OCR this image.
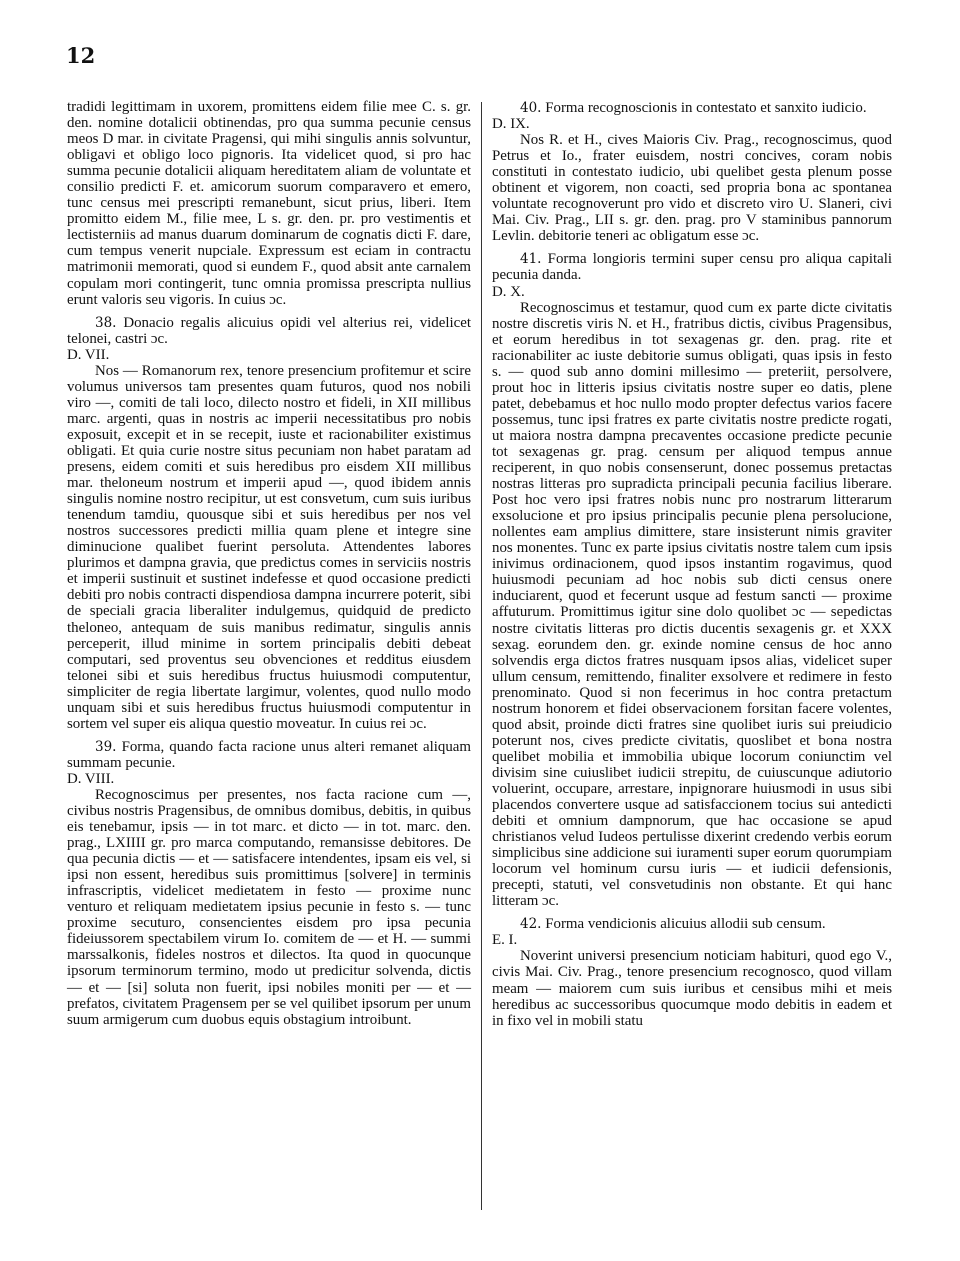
12

tradidi legittimam in uxorem, promittens eidem filie mee C. s. gr. den. nomine dotalicii obtinendas, pro qua summa pecunie census meos D mar. in civitate Pragensi, qui mihi singulis annis solvuntur, obligavi et obligo loco pignoris. Ita videlicet quod, si pro hac summa pecunie dotalicii aliquam hereditatem aliam de voluntate et consilio predicti F. et. amicorum suorum comparavero et emero, tunc census mei prescripti remanebunt, sicut prius, liberi. Item promitto eidem M., filie mee, L s. gr. den. pr. pro vestimentis et lectisterniis ad manus duarum dominarum de cognatis dicti F. dare, cum tempus venerit nupciale. Expressum est eciam in contractu matrimonii memorati, quod si eundem F., quod absit ante carnalem copulam mori contingerit, tunc omnia promissa prescripta nullius erunt valoris seu vigoris. In cuius ɔc.

38. Donacio regalis alicuius opidi vel alterius rei, videlicet telonei, castri ɔc.

D. VII.

Nos — Romanorum rex, tenore presencium profitemur et scire volumus universos tam presentes quam futuros, quod nos nobili viro —, comiti de tali loco, dilecto nostro et fideli, in XII millibus marc. argenti, quas in nostris ac imperii necessitatibus pro nobis exposuit, excepit et in se recepit, iuste et racionabiliter existimus obligati. Et quia curie nostre situs pecuniam non habet paratam ad presens, eidem comiti et suis heredibus pro eisdem XII millibus mar. theloneum nostrum et imperii apud —, quod ibidem annis singulis nomine nostro recipitur, ut est consvetum, cum suis iuribus tenendum tamdiu, quousque sibi et suis heredibus per nos vel nostros successores predicti millia quam plene et integre sine diminucione qualibet fuerint persoluta. Attendentes labores plurimos et dampna gravia, que predictus comes in serviciis nostris et imperii sustinuit et sustinet indefesse et quod occasione predicti debiti pro nobis contracti dispendiosa dampna incurrere poterit, sibi de speciali gracia liberaliter indulgemus, quidquid de predicto theloneo, antequam de suis manibus redimatur, singulis annis perceperit, illud minime in sortem principalis debiti debeat computari, sed proventus seu obvenciones et redditus eiusdem telonei sibi et suis heredibus fructus huiusmodi computentur, simpliciter de regia libertate largimur, volentes, quod nullo modo unquam sibi et suis heredibus fructus huiusmodi computentur in sortem vel super eis aliqua questio moveatur. In cuius rei ɔc.

39. Forma, quando facta racione unus alteri remanet aliquam summam pecunie.

D. VIII.

Recognoscimus per presentes, nos facta racione cum —, civibus nostris Pragensibus, de omnibus domibus, debitis, in quibus eis tenebamur, ipsis — in tot marc. et dicto — in tot. marc. den. prag., LXIIII gr. pro marca computando, remansisse debitores. De qua pecunia dictis — et — satisfacere intendentes, ipsam eis vel, si ipsi non essent, heredibus suis promittimus [solvere] in terminis infrascriptis, videlicet medietatem in festo — proxime nunc venturo et reliquam medietatem ipsius pecunie in festo s. — tunc proxime secuturo, consencientes eisdem pro ipsa pecunia fideiussorem spectabilem virum Io. comitem de — et H. — summi marssalkonis, fideles nostros et dilectos. Ita quod in quocunque ipsorum terminorum termino, modo ut predicitur solvenda, dictis — et — [si] soluta non fuerit, ipsi nobiles moniti per — et — prefatos, civitatem Pragensem per se vel quilibet ipsorum per unum suum armigerum cum duobus equis obstagium introibunt.

40. Forma recognoscionis in contestato et sanxito iudicio.

D. IX.

Nos R. et H., cives Maioris Civ. Prag., recognoscimus, quod Petrus et Io., frater euisdem, nostri concives, coram nobis constituti in contestato iudicio, ubi quelibet gesta plenum posse obtinent et vigorem, non coacti, sed propria bona ac spontanea voluntate recognoverunt pro vido et discreto viro U. Slaneri, civi Mai. Civ. Prag., LII s. gr. den. prag. pro V staminibus pannorum Levlin. debitorie teneri ac obligatum esse ɔc.

41. Forma longioris termini super censu pro aliqua capitali pecunia danda.

D. X.

Recognoscimus et testamur, quod cum ex parte dicte civitatis nostre discretis viris N. et H., fratribus dictis, civibus Pragensibus, et eorum heredibus in tot sexagenas gr. den. prag. rite et racionabiliter ac iuste debitorie sumus obligati, quas ipsis in festo s. — quod sub anno domini millesimo — preteriit, persolvere, prout hoc in litteris ipsius civitatis nostre super eo datis, plene patet, debebamus et hoc nullo modo propter defectus varios facere possemus, tunc ipsi fratres ex parte civitatis nostre predicte rogati, ut maiora nostra dampna precaventes occasione predicte pecunie tot sexagenas gr. prag. censum per aliquod tempus annue reciperent, in quo nobis consenserunt, donec possemus pretactas nostras litteras pro supradicta principali pecunia facilius liberare. Post hoc vero ipsi fratres nobis nunc pro nostrarum litterarum exsolucione et pro ipsius principalis pecunie plena persolucione, nollentes eam amplius dimittere, stare insisterunt nimis graviter nos monentes. Tunc ex parte ipsius civitatis nostre talem cum ipsis inivimus ordinacionem, quod ipsos instantim rogavimus, quod huiusmodi pecuniam ad hoc nobis sub dicti census onere induciarent, quod et fecerunt usque ad festum sancti — proxime affuturum. Promittimus igitur sine dolo quolibet ɔc — sepedictas nostre civitatis litteras pro dictis ducentis sexagenis gr. et XXX sexag. eorundem den. gr. exinde nomine census de hoc anno solvendis erga dictos fratres nusquam ipsos alias, videlicet super ullum censum, remittendo, finaliter exsolvere et redimere in festo prenominato. Quod si non fecerimus in hoc contra pretactum nostrum honorem et fidei observacionem forsitan facere volentes, quod absit, proinde dicti fratres sine quolibet iuris sui preiudicio poterunt nos, cives predicte civitatis, quoslibet et bona nostra quelibet mobilia et immobilia ubique locorum coniunctim vel divisim sine cuiuslibet iudicii strepitu, de cuiuscunque adiutorio voluerint, occupare, arrestare, inpignorare huiusmodi in usus sibi placendos convertere usque ad satisfaccionem tocius sui antedicti debiti et omnium dampnorum, que hac occasione se apud christianos velud Iudeos pertulisse dixerint credendo verbis eorum simplicibus sine addicione sui iuramenti super eorum quorumpiam locorum vel hominum cursu iuris — et iudicii defensionis, precepti, statuti, vel consvetudinis non obstante. Et qui hanc litteram ɔc.

42. Forma vendicionis alicuius allodii sub censum.

E. I.

Noverint universi presencium noticiam habituri, quod ego V., civis Mai. Civ. Prag., tenore presencium recognosco, quod villam meam — maiorem cum suis iuribus et censibus mihi et meis heredibus ac successoribus quocumque modo debitis in eadem et in fixo vel in mobili statu
